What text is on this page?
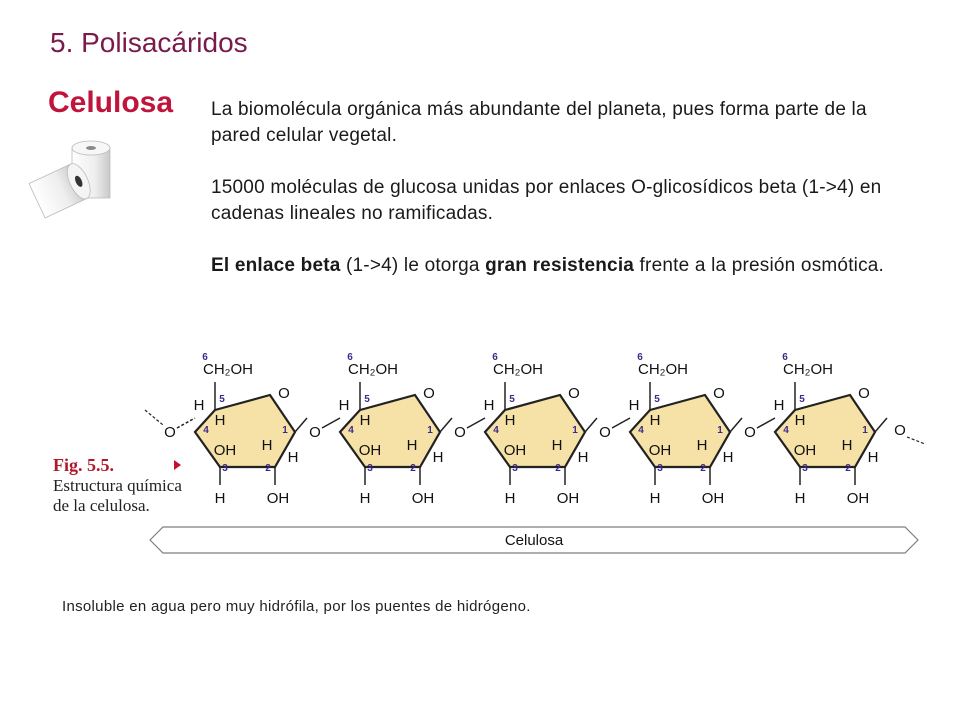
5. Polisacáridos
Celulosa La biomolécula orgánica más abundante del planeta, pues forma parte de la pared celular vegetal.

15000 moléculas de glucosa unidas por enlaces O-glicosídicos beta (1->4) en cadenas lineales no ramificadas.

El enlace beta (1->4) le otorga gran resistencia frente a la presión osmótica.

Fig. 5.5.
Estructura química de la celulosa.
6
CH₂OH
O
5
4	1
3	2
H
H
OH H
H
H	OH
O
6
CH₂OH
O
5
4	1
3	2
H
H
OH H
H
H	OH
O
6
CH₂OH
O
5
4	1
3	2
H
H
OH H
H
H	OH
O
6
CH₂OH
O
5
4	1
3	2
H
H
OH H
H
H	OH
O
6
CH₂OH
O
5
4	1
3	2
H
H
OH H
H
H	OH
O	O
Celulosa
Insoluble en agua pero muy hidrófila, por los puentes de hidrógeno.
